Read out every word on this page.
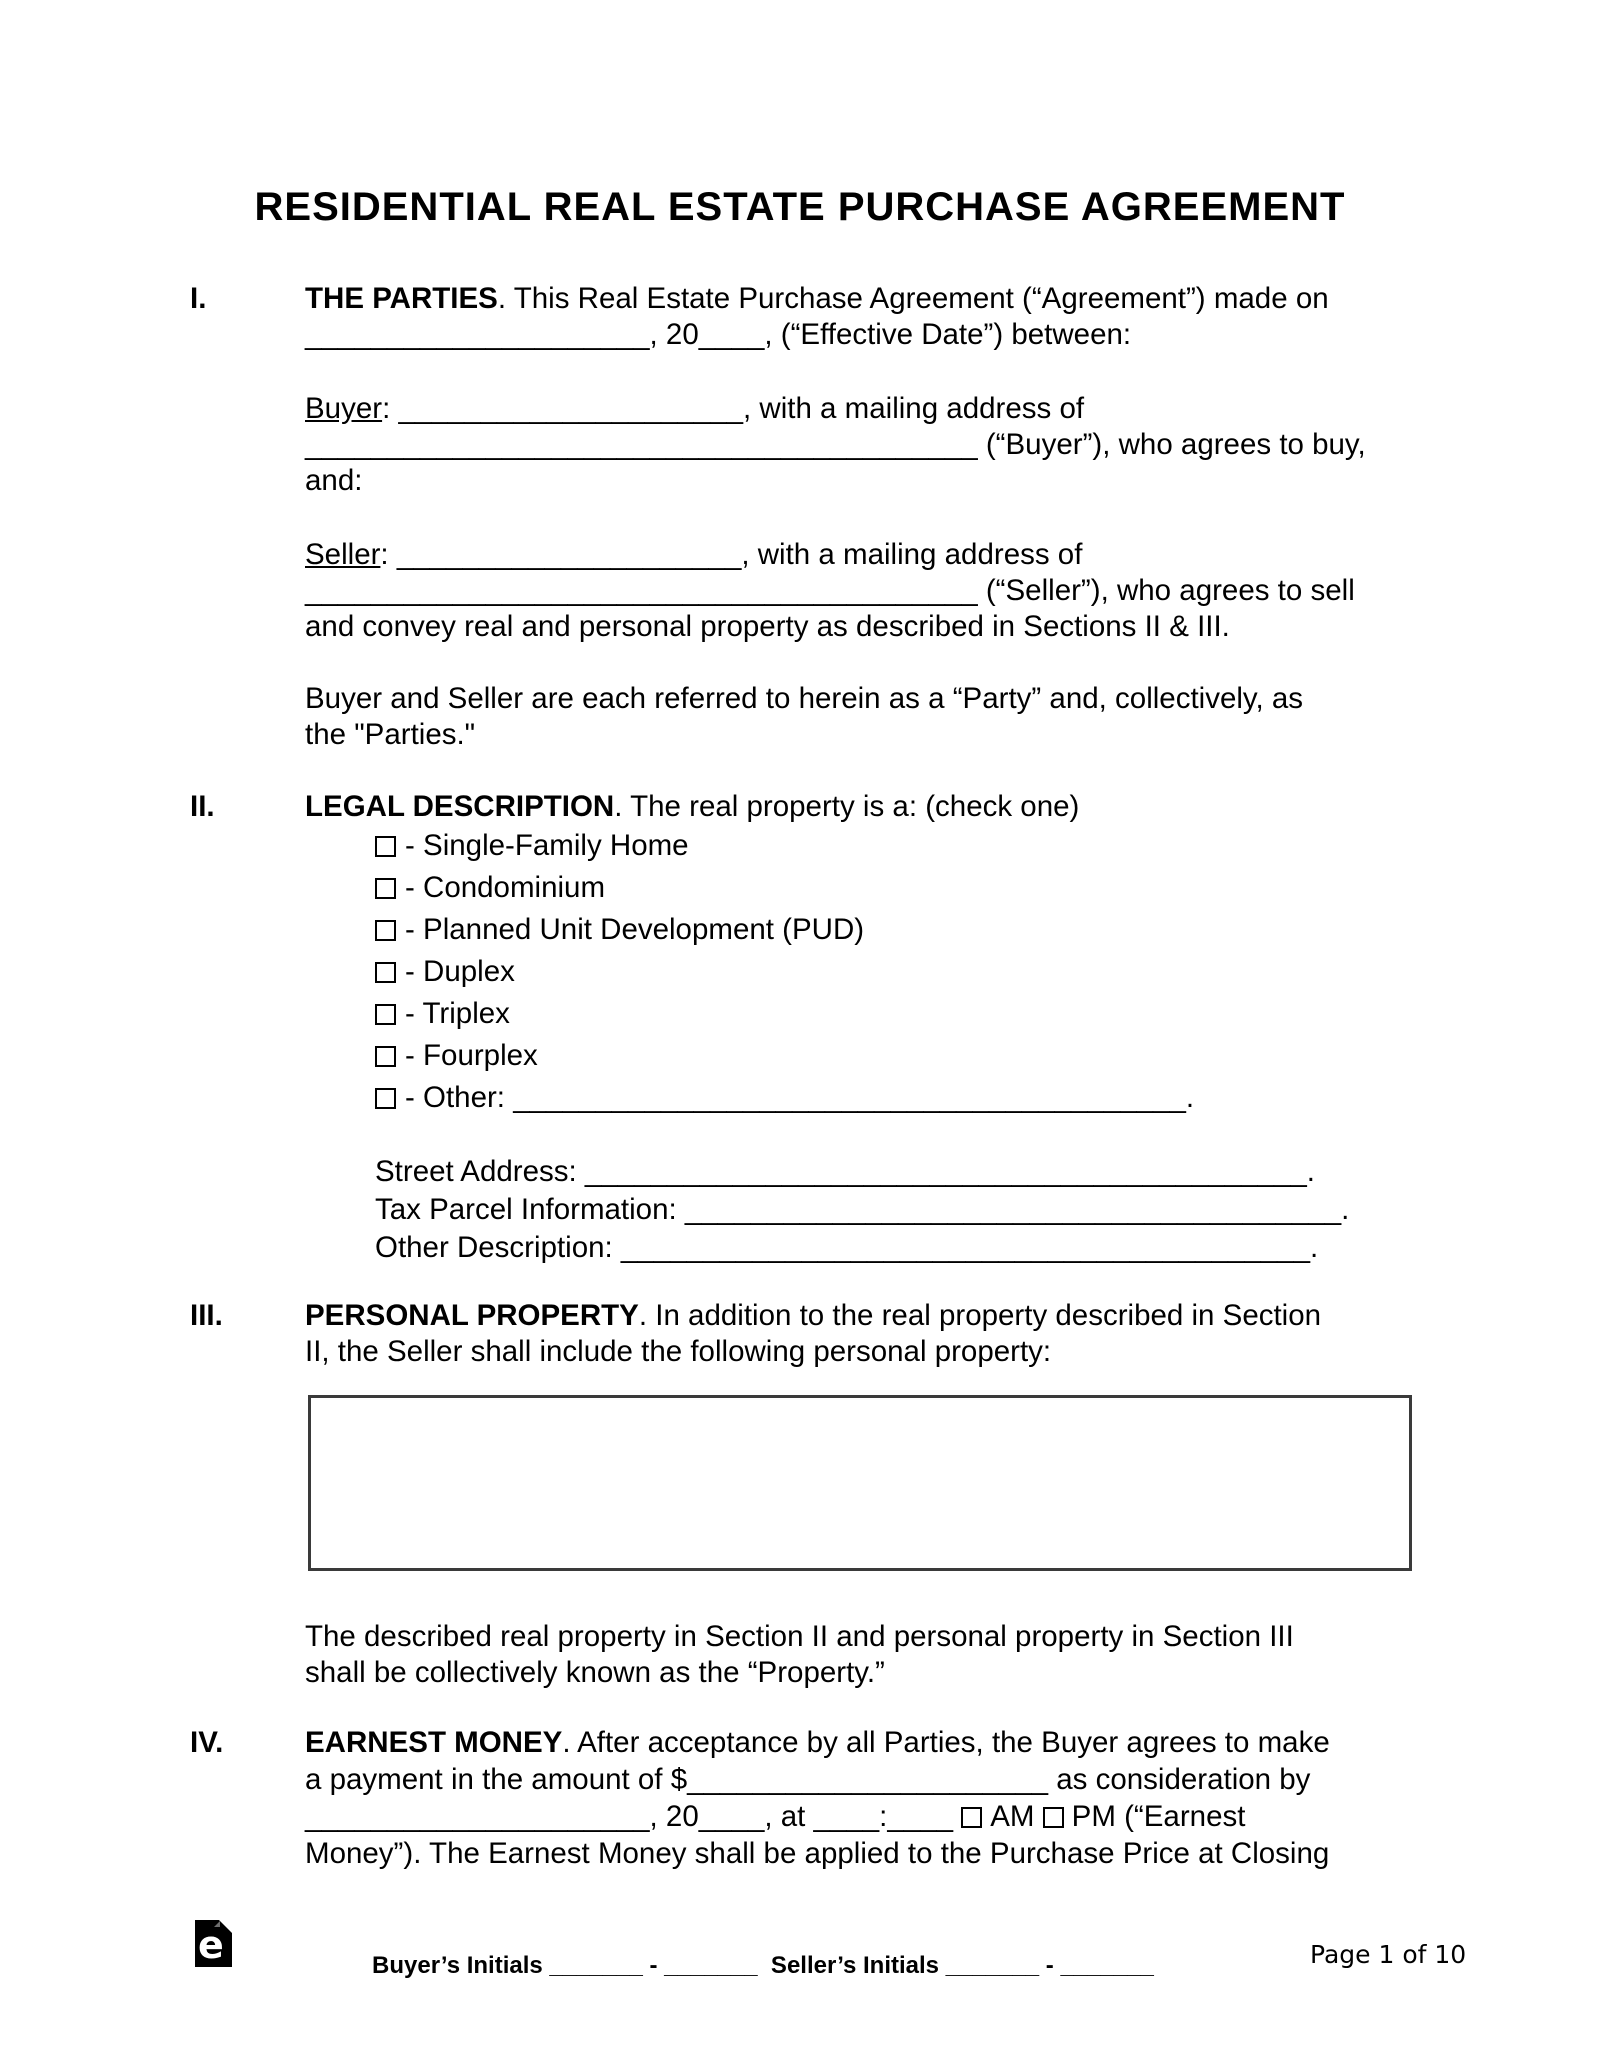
RESIDENTIAL REAL ESTATE PURCHASE AGREEMENT
I.	THE PARTIES. This Real Estate Purchase Agreement (“Agreement”) made on
_____________________, 20____, (“Effective Date”) between:
Buyer: _____________________, with a mailing address of
_________________________________________ (“Buyer”), who agrees to buy,
and:
Seller: _____________________, with a mailing address of
_________________________________________ (“Seller”), who agrees to sell
and convey real and personal property as described in Sections II & III.
Buyer and Seller are each referred to herein as a “Party” and, collectively, as
the "Parties."
II.	LEGAL DESCRIPTION. The real property is a: (check one)
- Single-Family Home
- Condominium
- Planned Unit Development (PUD)
- Duplex
- Triplex
- Fourplex
- Other: _________________________________________.
Street Address: ____________________________________________.
Tax Parcel Information: ________________________________________.
Other Description: __________________________________________.
III.	PERSONAL PROPERTY. In addition to the real property described in Section
II, the Seller shall include the following personal property:
The described real property in Section II and personal property in Section III
shall be collectively known as the “Property.”
IV.	EARNEST MONEY. After acceptance by all Parties, the Buyer agrees to make
a payment in the amount of $______________________ as consideration by
_____________________, 20____, at ____:____ AM PM (“Earnest
Money”). The Earnest Money shall be applied to the Purchase Price at Closing
e	Buyer’s Initials _______ - _______  Seller’s Initials _______ - _______	Page 1 of 10
